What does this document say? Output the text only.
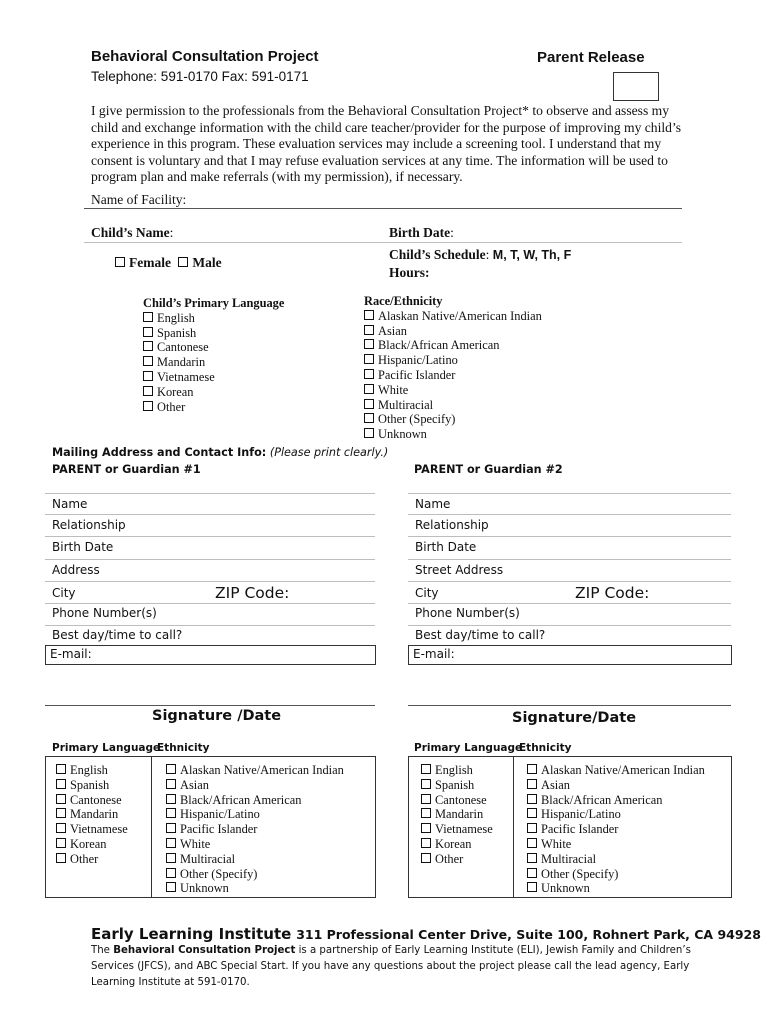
Behavioral Consultation Project
Telephone: 591-0170 Fax: 591-0171
Parent Release
I give permission to the professionals from the Behavioral Consultation Project* to observe and assess my child and exchange information with the child care teacher/provider for the purpose of improving my child’s experience in this program. These evaluation services may include a screening tool. I understand that my consent is voluntary and that I may refuse evaluation services at any time. The information will be used to program plan and make referrals (with my permission), if necessary.
Name of Facility:
Child’s Name:	Birth Date:
Female Male
Child’s Schedule: M, T, W, Th, F
Hours:
Child’s Primary Language
English
Spanish
Cantonese
Mandarin
Vietnamese
Korean
Other
Race/Ethnicity
Alaskan Native/American Indian
Asian
Black/African American
Hispanic/Latino
Pacific Islander
White
Multiracial
Other (Specify)
Unknown
Mailing Address and Contact Info: (Please print clearly.)
PARENT or Guardian #1	PARENT or Guardian #2
Name
Relationship
Birth Date
Address
City	ZIP Code:
Phone Number(s)
Best day/time to call?
E-mail:
Name
Relationship
Birth Date
Street Address
City	ZIP Code:
Phone Number(s)
Best day/time to call?
E-mail:
Signature /Date	Signature/Date
Primary Language
Ethnicity
English
Spanish
Cantonese
Mandarin
Vietnamese
Korean
Other
Alaskan Native/American Indian
Asian
Black/African American
Hispanic/Latino
Pacific Islander
White
Multiracial
Other (Specify)
Unknown
Primary Language
Ethnicity
English
Spanish
Cantonese
Mandarin
Vietnamese
Korean
Other
Alaskan Native/American Indian
Asian
Black/African American
Hispanic/Latino
Pacific Islander
White
Multiracial
Other (Specify)
Unknown
Early Learning Institute 311 Professional Center Drive, Suite 100, Rohnert Park, CA 94928
The Behavioral Consultation Project is a partnership of Early Learning Institute (ELI), Jewish Family and Children’s Services (JFCS), and ABC Special Start. If you have any questions about the project please call the lead agency, Early Learning Institute at 591-0170.
